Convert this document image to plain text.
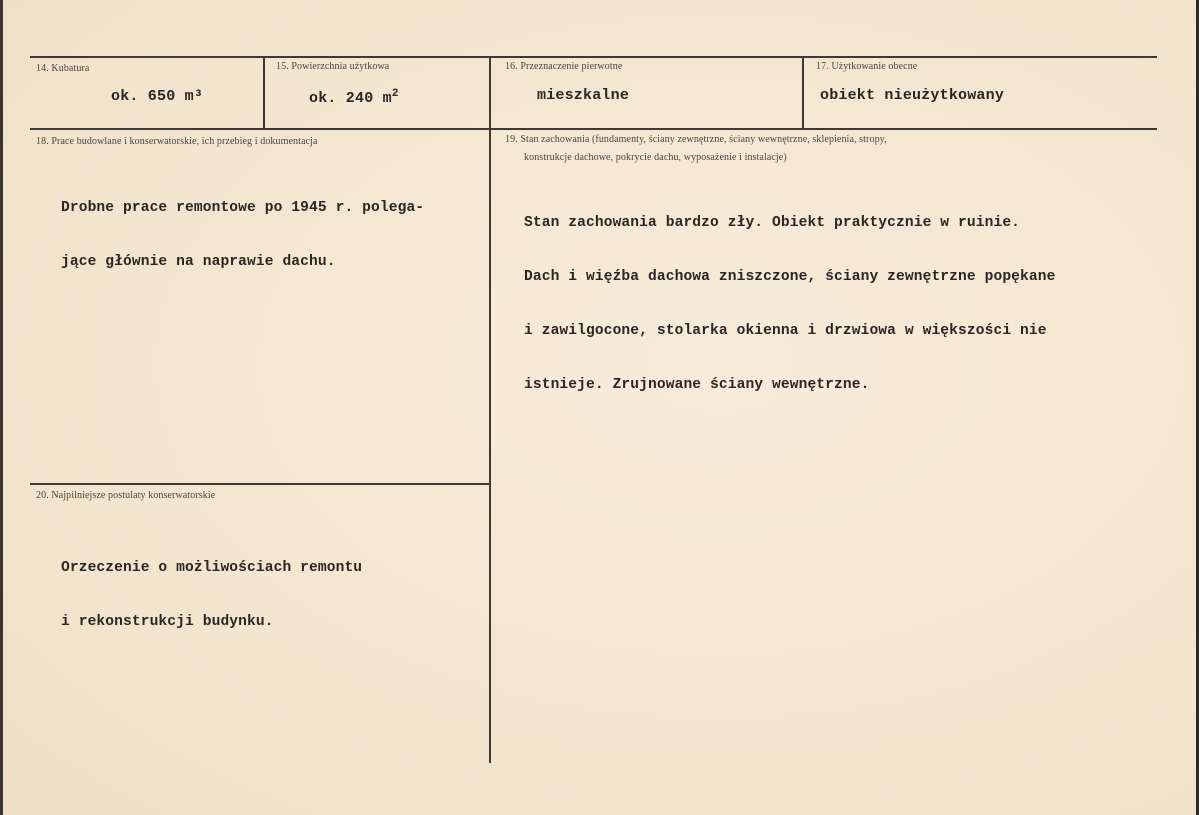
14. Kubatura
ok. 650 m³
15. Powierzchnia użytkowa
ok. 240 $m^2$
16. Przeznaczenie pierwotne
mieszkalne
17. Użytkowanie obecne
obiekt nieużytkowany
18. Prace budowlane i konserwatorskie, ich przebieg i dokumentacja

Drobne prace remontowe po 1945 r. polega-

jące głównie na naprawie dachu.

19. Stan zachowania (fundamenty, ściany zewnętrzne, ściany wewnętrzne, sklepienia, stropy,
konstrukcje dachowe, pokrycie dachu, wyposażenie i instalacje)

Stan zachowania bardzo zły. Obiekt praktycznie w ruinie.

Dach i więźba dachowa zniszczone, ściany zewnętrzne popękane

i zawilgocone, stolarka okienna i drzwiowa w większości nie

istnieje. Zrujnowane ściany wewnętrzne.

20. Najpilniejsze postulaty konserwatorskie

Orzeczenie o możliwościach remontu

i rekonstrukcji budynku.
